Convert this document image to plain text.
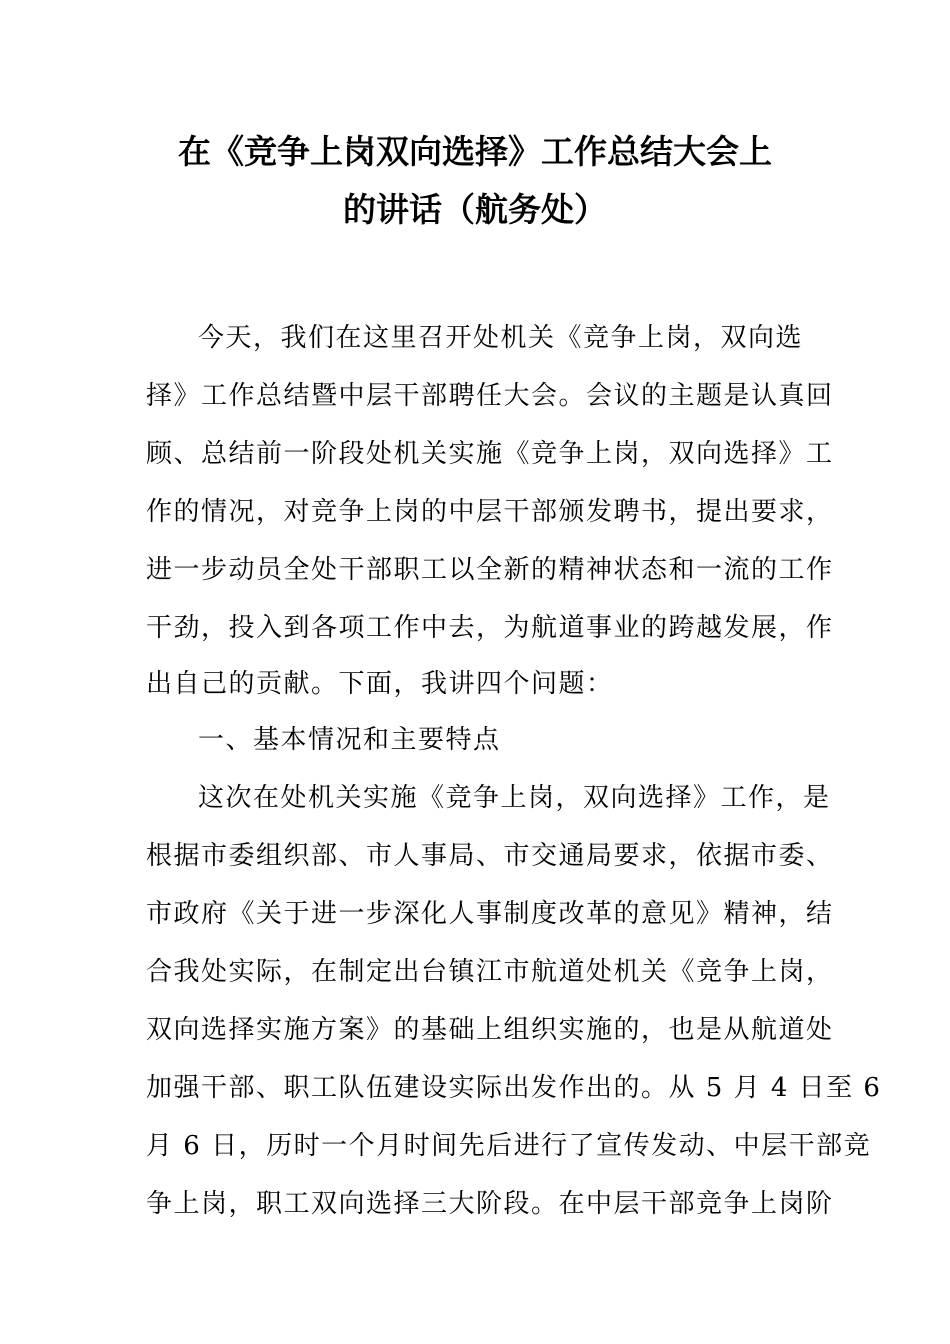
在《竞争上岗双向选择》工作总结大会上
的讲话（航务处）
今天，我们在这里召开处机关《竞争上岗，双向选
择》工作总结暨中层干部聘任大会。会议的主题是认真回
顾、总结前一阶段处机关实施《竞争上岗，双向选择》工
作的情况，对竞争上岗的中层干部颁发聘书，提出要求，
进一步动员全处干部职工以全新的精神状态和一流的工作
干劲，投入到各项工作中去，为航道事业的跨越发展，作
出自己的贡献。下面，我讲四个问题：
一、基本情况和主要特点
这次在处机关实施《竞争上岗，双向选择》工作，是
根据市委组织部、市人事局、市交通局要求，依据市委、
市政府《关于进一步深化人事制度改革的意见》精神，结
合我处实际，在制定出台镇江市航道处机关《竞争上岗，
双向选择实施方案》的基础上组织实施的，也是从航道处
加强干部、职工队伍建设实际出发作出的。从 5 月 4 日至 6
月 6 日，历时一个月时间先后进行了宣传发动、中层干部竞
争上岗，职工双向选择三大阶段。在中层干部竞争上岗阶
